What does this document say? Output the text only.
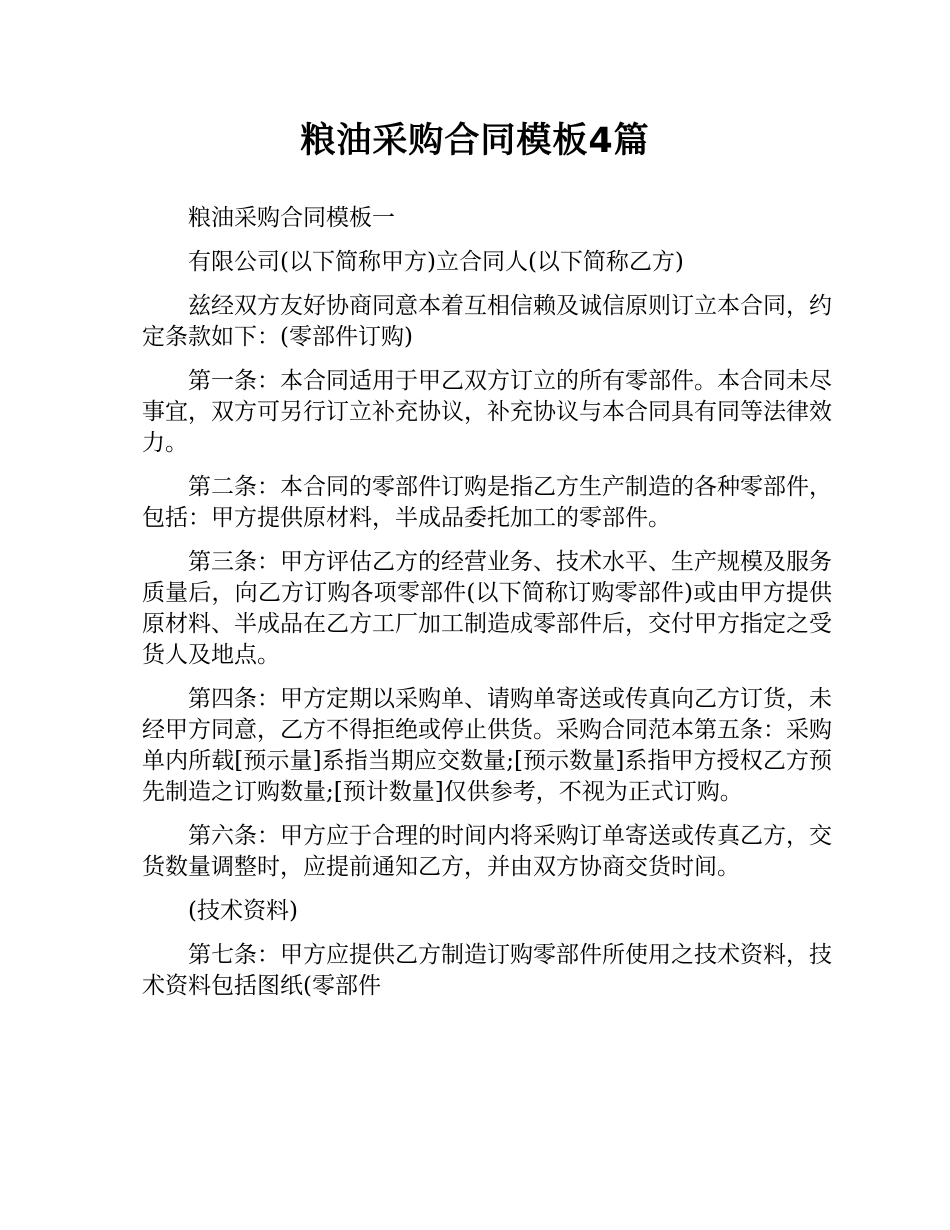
粮油采购合同模板4篇

粮油采购合同模板一

有限公司(以下简称甲方)立合同人(以下简称乙方)

兹经双方友好协商同意本着互相信赖及诚信原则订立本合同，约定条款如下：(零部件订购)

第一条：本合同适用于甲乙双方订立的所有零部件。本合同未尽事宜，双方可另行订立补充协议，补充协议与本合同具有同等法律效力。

第二条：本合同的零部件订购是指乙方生产制造的各种零部件，包括：甲方提供原材料，半成品委托加工的零部件。

第三条：甲方评估乙方的经营业务、技术水平、生产规模及服务质量后，向乙方订购各项零部件(以下简称订购零部件)或由甲方提供原材料、半成品在乙方工厂加工制造成零部件后，交付甲方指定之受货人及地点。

第四条：甲方定期以采购单、请购单寄送或传真向乙方订货，未经甲方同意，乙方不得拒绝或停止供货。采购合同范本第五条：采购单内所载[预示量]系指当期应交数量;[预示数量]系指甲方授权乙方预先制造之订购数量;[预计数量]仅供参考，不视为正式订购。

第六条：甲方应于合理的时间内将采购订单寄送或传真乙方，交货数量调整时，应提前通知乙方，并由双方协商交货时间。

(技术资料)

第七条：甲方应提供乙方制造订购零部件所使用之技术资料，技术资料包括图纸(零部件
